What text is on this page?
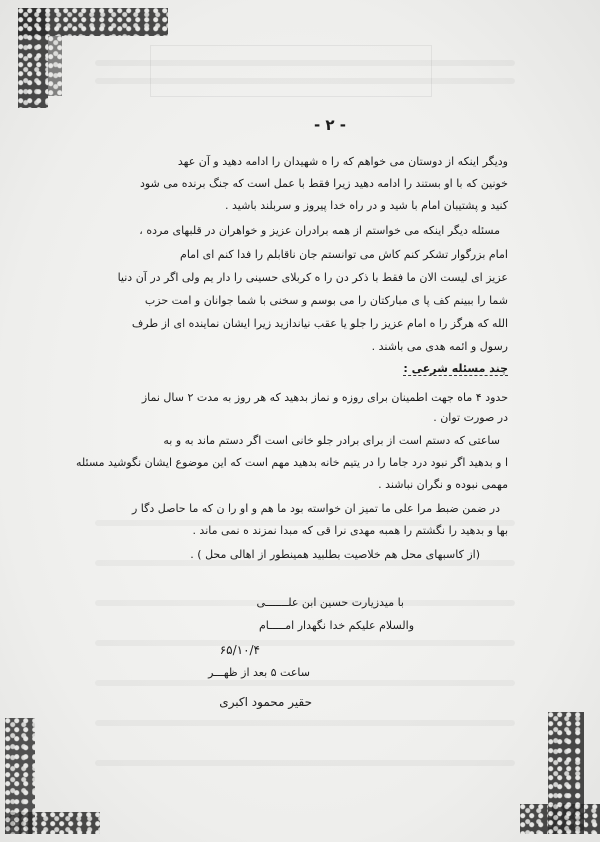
- ۲ -
ودیگر اینکه از دوستان می خواهم که را ه شهیدان را ادامه دهید و آن عهد
خونین که با او بستند را ادامه دهید زیرا فقط با عمل است که جنگ برنده می شود
کنید و پشتیبان امام با شید و در راه خدا پیروز و سربلند باشید .
مسئله دیگر اینکه می خواستم از همه برادران عزیز و خواهران در قلبهای مرده ،
امام بزرگوار تشکر کنم کاش می توانستم جان ناقابلم را فدا کنم ای امام
عزیز ای لیست الان ما فقط با ذکر دن را ه کربلای حسینی را دار یم ولی اگر در آن دنیا
شما را ببینم کف پا ی مبارکتان را می بوسم و سخنی با شما جوانان و امت حزب
الله که هرگز را ه امام عزیز را جلو یا عقب نیاندازید زیرا ایشان نماینده ای از طرف
رسول و ائمه هدی می باشند .
چند مسئله شرعی :
حدود ۴ ماه جهت اطمینان برای روزه و نماز بدهید که هر روز به مدت ۲ سال نماز
در صورت توان .
ساعتی که دستم است از برای برادر جلو خانی است اگر دستم ماند به و به
ا و بدهید اگر نبود درد جاما را در یتیم خانه بدهید مهم است که این موضوع ایشان نگوشید مسئله
مهمی نبوده و نگران نباشند .
در ضمن ضبط مرا علی ما تمیز ان خواسته بود ما هم و او را ن که ما حاصل دگا ر
بها و بدهید را نگشتم را همبه مهدی نرا قی که مبدا نمزند ه نمی ماند .
(از کاسبهای محل هم خلاصیت بطلبید همینطور از اهالی محل ) .
با میدزیارت حسین ابن علـــــــی
والسلام علیکم خدا نگهدار امـــــام
۶۵/۱۰/۴
ساعت ۵ بعد از ظهـــر
حقیر محمود اکبری
